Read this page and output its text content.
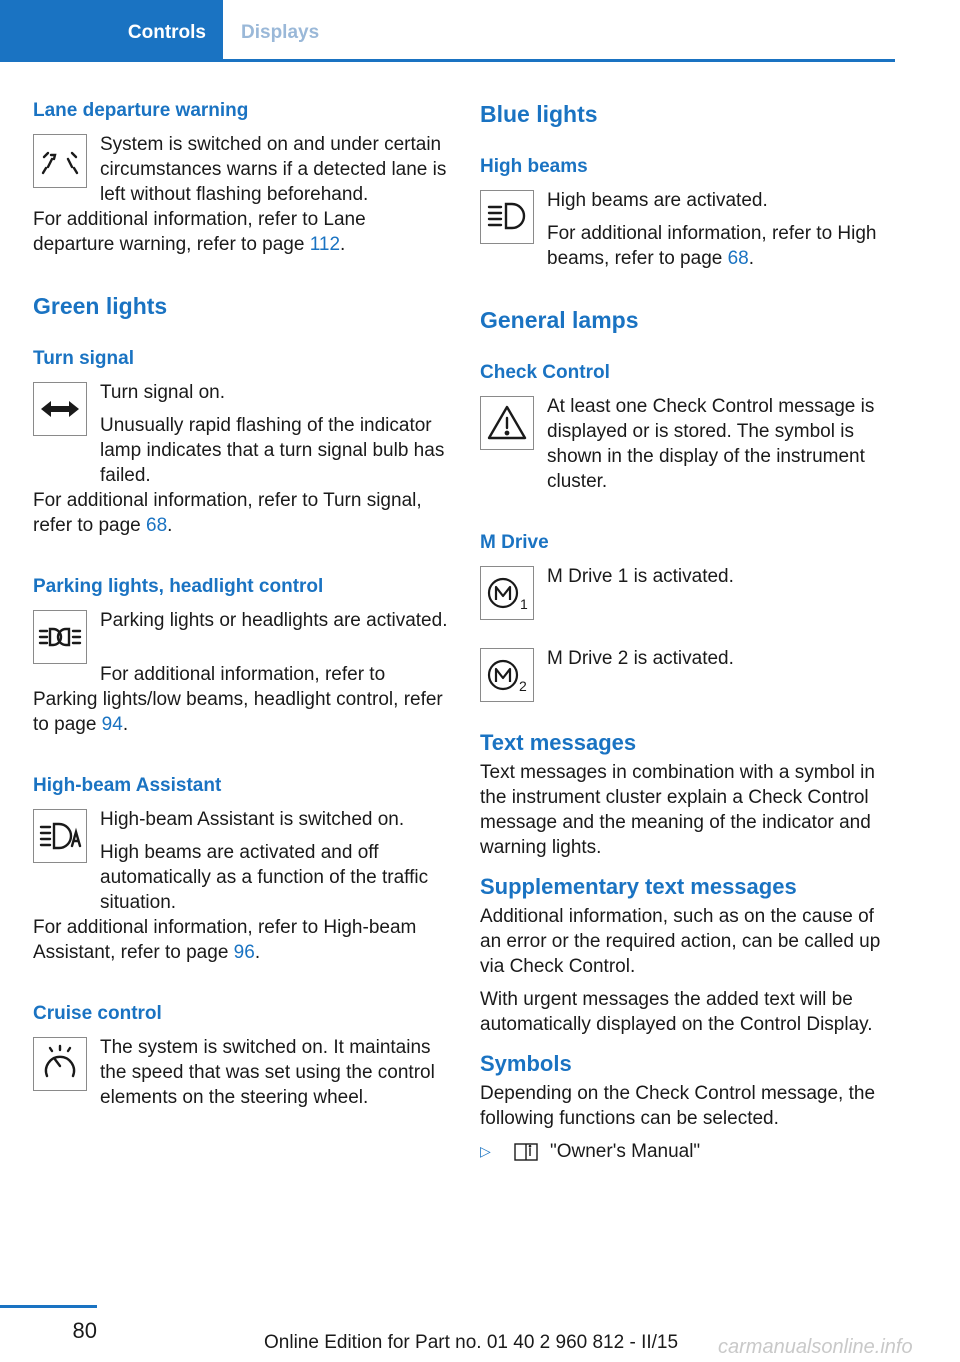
Controls	Displays
Lane departure warning

System is switched on and under certain circumstances warns if a detected lane is left without flashing beforehand.

For additional information, refer to Lane departure warning, refer to page 112.

Green lights
Turn signal

Turn signal on.

Unusually rapid flashing of the indicator lamp indicates that a turn signal bulb has failed.

For additional information, refer to Turn signal, refer to page 68.

Parking lights, headlight control

Parking lights or headlights are activated.

For additional information, refer to Parking lights/low beams, headlight control, refer to page 94.

High-beam Assistant

High-beam Assistant is switched on.

High beams are activated and off automatically as a function of the traffic situation.

For additional information, refer to High-beam Assistant, refer to page 96.

Cruise control

The system is switched on. It maintains the speed that was set using the control elements on the steering wheel.

Blue lights
High beams

High beams are activated.

For additional information, refer to High beams, refer to page 68.

General lamps
Check Control

At least one Check Control message is displayed or is stored. The symbol is shown in the display of the instrument cluster.

M Drive
1

M Drive 1 is activated.

2

M Drive 2 is activated.

Text messages

Text messages in combination with a symbol in the instrument cluster explain a Check Control message and the meaning of the indicator and warning lights.

Supplementary text messages

Additional information, such as on the cause of an error or the required action, can be called up via Check Control.

With urgent messages the added text will be automatically displayed on the Control Display.

Symbols

Depending on the Check Control message, the following functions can be selected.

▷	"Owner's Manual"
80	Online Edition for Part no. 01 40 2 960 812 - II/15 carmanualsonline.info
